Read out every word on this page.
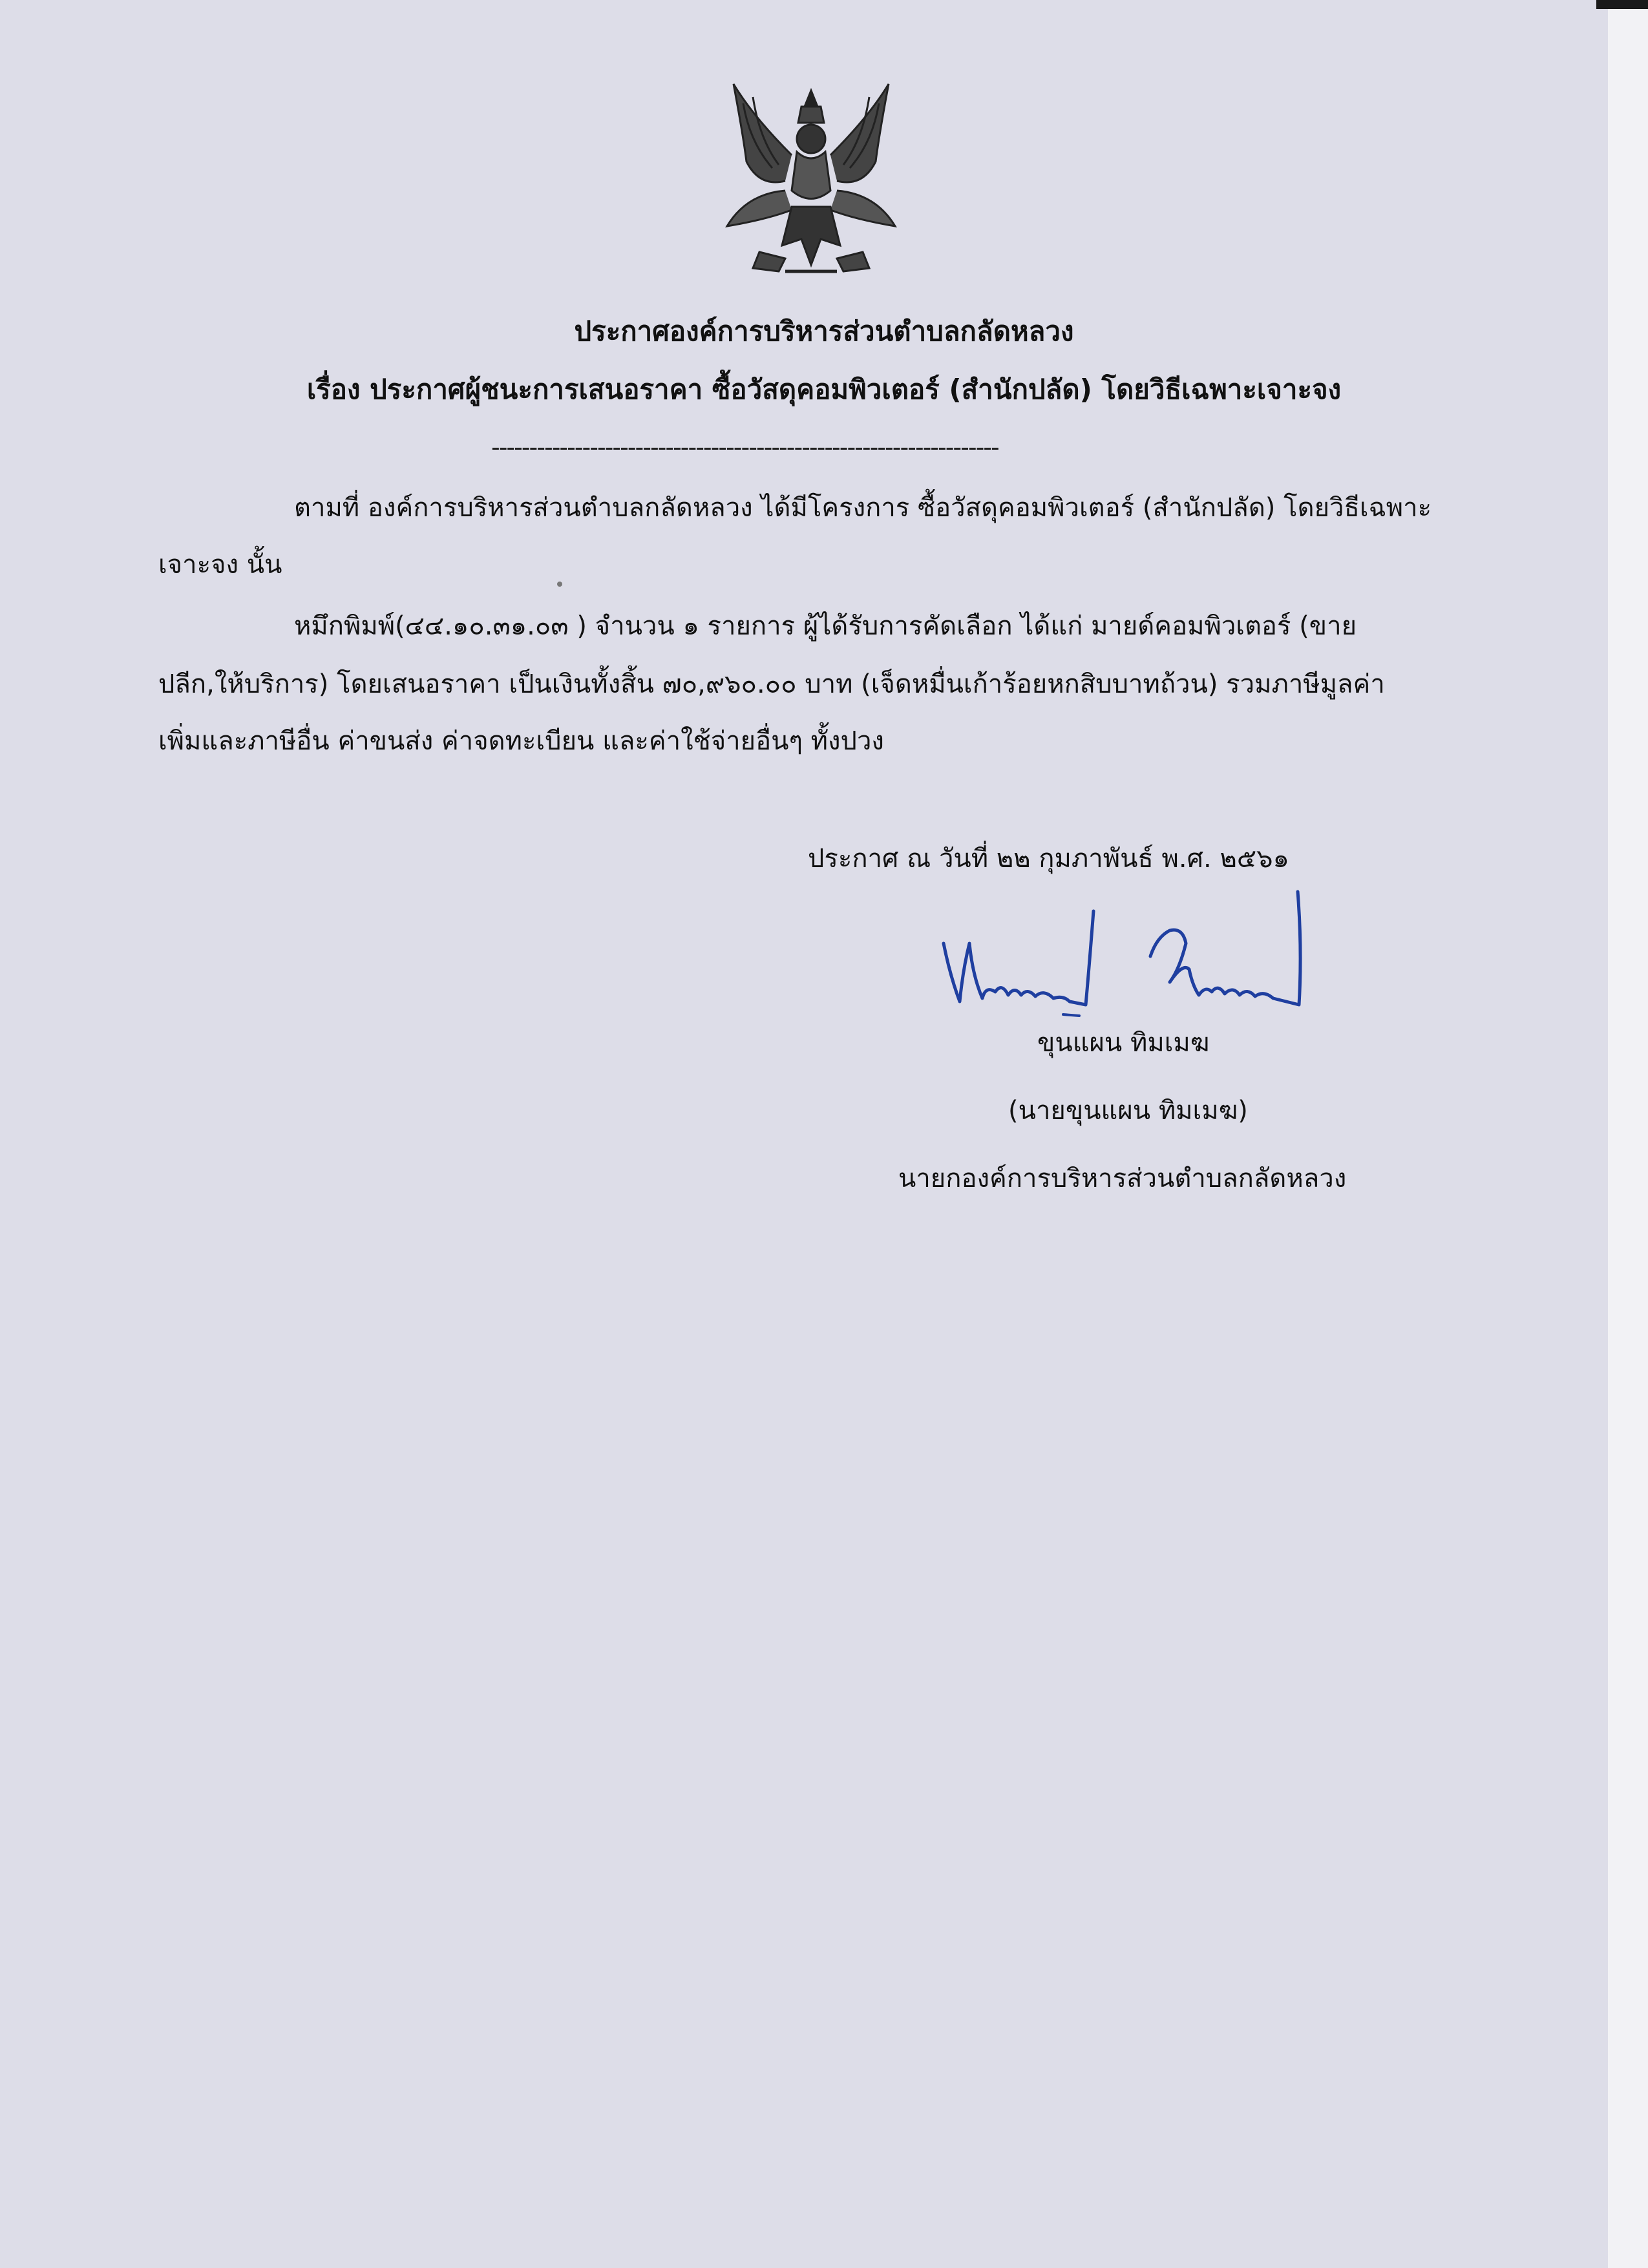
ประกาศองค์การบริหารส่วนตำบลกลัดหลวง
เรื่อง ประกาศผู้ชนะการเสนอราคา ซื้อวัสดุคอมพิวเตอร์ (สำนักปลัด) โดยวิธีเฉพาะเจาะจง
-------------------------------------------------------------------
ตามที่ องค์การบริหารส่วนตำบลกลัดหลวง ได้มีโครงการ ซื้อวัสดุคอมพิวเตอร์ (สำนักปลัด) โดยวิธีเฉพาะ
เจาะจง นั้น
หมึกพิมพ์(๔๔.๑๐.๓๑.๐๓ ) จำนวน ๑ รายการ ผู้ได้รับการคัดเลือก ได้แก่ มายด์คอมพิวเตอร์ (ขาย
ปลีก,ให้บริการ) โดยเสนอราคา เป็นเงินทั้งสิ้น ๗๐,๙๖๐.๐๐ บาท (เจ็ดหมื่นเก้าร้อยหกสิบบาทถ้วน) รวมภาษีมูลค่า
เพิ่มและภาษีอื่น ค่าขนส่ง ค่าจดทะเบียน และค่าใช้จ่ายอื่นๆ ทั้งปวง
ประกาศ ณ วันที่ ๒๒ กุมภาพันธ์ พ.ศ. ๒๕๖๑
ขุนแผน ทิมเมฆ
(นายขุนแผน ทิมเมฆ)
นายกองค์การบริหารส่วนตำบลกลัดหลวง
